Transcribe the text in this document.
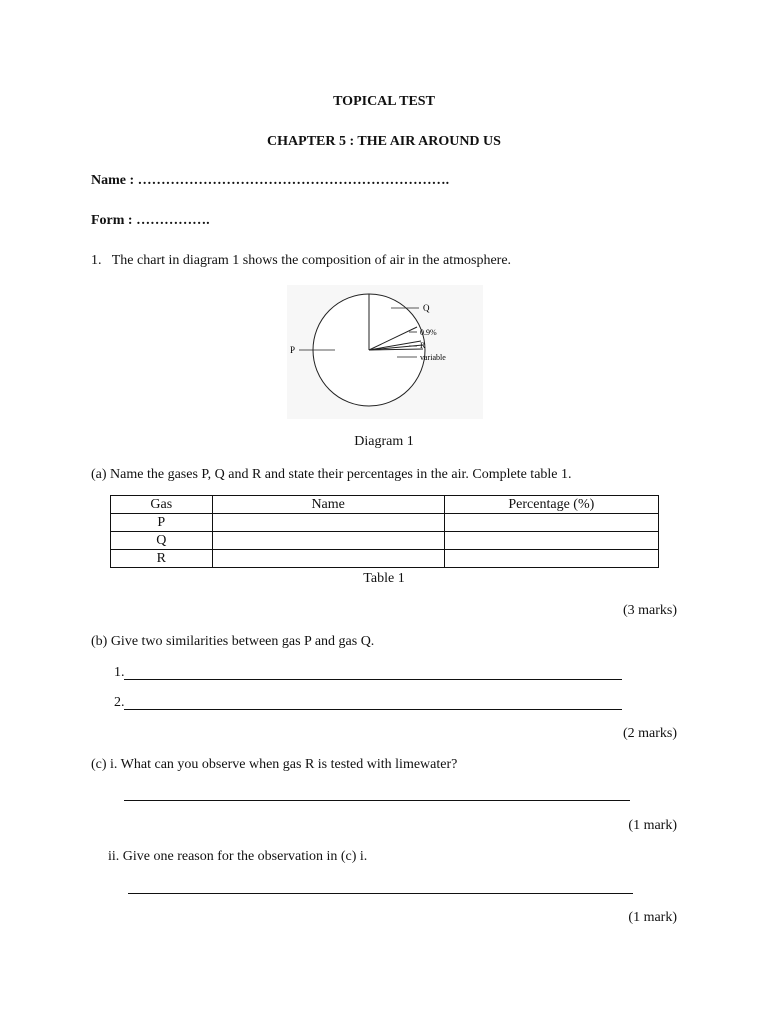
TOPICAL TEST
CHAPTER 5 : THE AIR AROUND US
Name : ………………………………………………………….
Form : …………….
1.   The chart in diagram 1 shows the composition of air in the atmosphere.
P
Q
0.9%
R
variable
Diagram 1
(a) Name the gases P, Q and R and state their percentages in the air. Complete table 1.
Gas	Name	Percentage (%)
P		
Q		
R		
Table 1
(3 marks)
(b) Give two similarities between gas P and gas Q.
1.
2.
(2 marks)
(c) i. What can you observe when gas R is tested with limewater?
(1 mark)
ii. Give one reason for the observation in (c) i.
(1 mark)
